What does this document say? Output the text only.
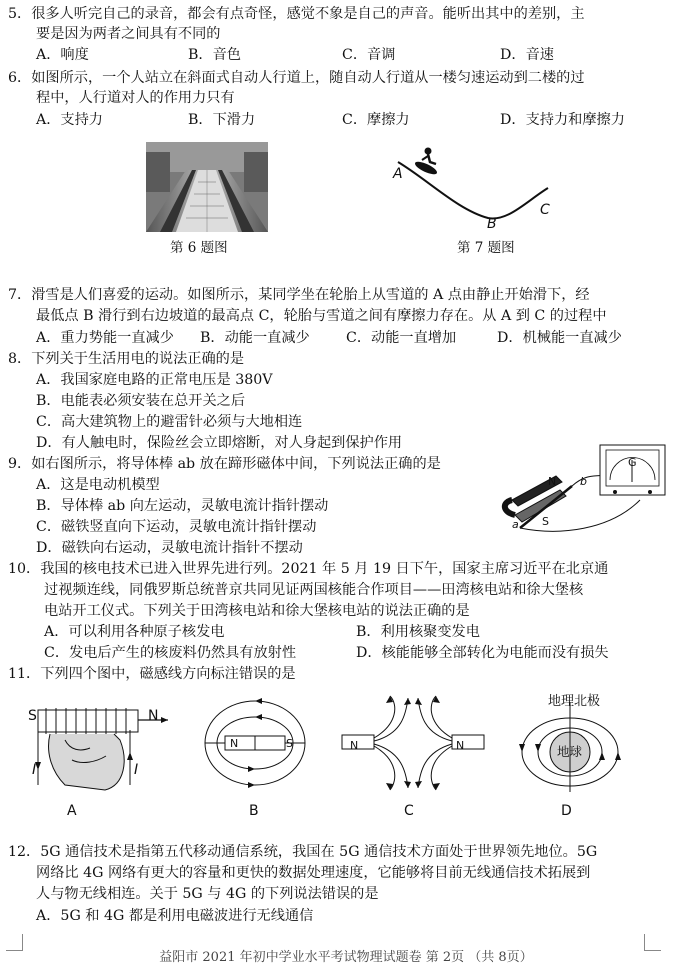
5．很多人听完自己的录音，都会有点奇怪，感觉不象是自己的声音。能听出其中的差别，主
要是因为两者之间具有不同的
A．响度	B．音色	C．音调	D．音速
6．如图所示，一个人站立在斜面式自动人行道上，随自动人行道从一楼匀速运动到二楼的过
程中，人行道对人的作用力只有
A．支持力	B．下滑力	C．摩擦力	D．支持力和摩擦力
第 6 题图
A
B
C
第 7 题图
7．滑雪是人们喜爱的运动。如图所示，某同学坐在轮胎上从雪道的 A 点由静止开始滑下，经
最低点 B 滑行到右边坡道的最高点 C，轮胎与雪道之间有摩擦力存在。从 A 到 C 的过程中
A．重力势能一直减少 B．动能一直减少	C．动能一直增加	D．机械能一直减少
8．下列关于生活用电的说法正确的是
A．我国家庭电路的正常电压是 380V
B．电能表必须安装在总开关之后
C．高大建筑物上的避雷针必须与大地相连
D．有人触电时，保险丝会立即熔断，对人身起到保护作用
9．如右图所示，将导体棒 ab 放在蹄形磁体中间，下列说法正确的是
A．这是电动机模型
B．导体棒 ab 向左运动，灵敏电流计指针摆动
C．磁铁竖直向下运动，灵敏电流计指针摆动
D．磁铁向右运动，灵敏电流计指针不摆动
N
S
a
b
G
10．我国的核电技术已进入世界先进行列。2021 年 5 月 19 日下午，国家主席习近平在北京通
过视频连线，同俄罗斯总统普京共同见证两国核能合作项目——田湾核电站和徐大堡核
电站开工仪式。下列关于田湾核电站和徐大堡核电站的说法正确的是
A．可以利用各种原子核发电	B．利用核聚变发电
C．发电后产生的核废料仍然具有放射性	D．核能能够全部转化为电能而没有损失
11．下列四个图中，磁感线方向标注错误的是
S	N
I	I
A
N	S
B
N	N
C
地理北极
地球
D
12．5G 通信技术是指第五代移动通信系统，我国在 5G 通信技术方面处于世界领先地位。5G
网络比 4G 网络有更大的容量和更快的数据处理速度，它能够将目前无线通信技术拓展到
人与物无线相连。关于 5G 与 4G 的下列说法错误的是
A．5G 和 4G 都是利用电磁波进行无线通信
益阳市 2021 年初中学业水平考试物理试题卷 第 2页 （共 8页）
